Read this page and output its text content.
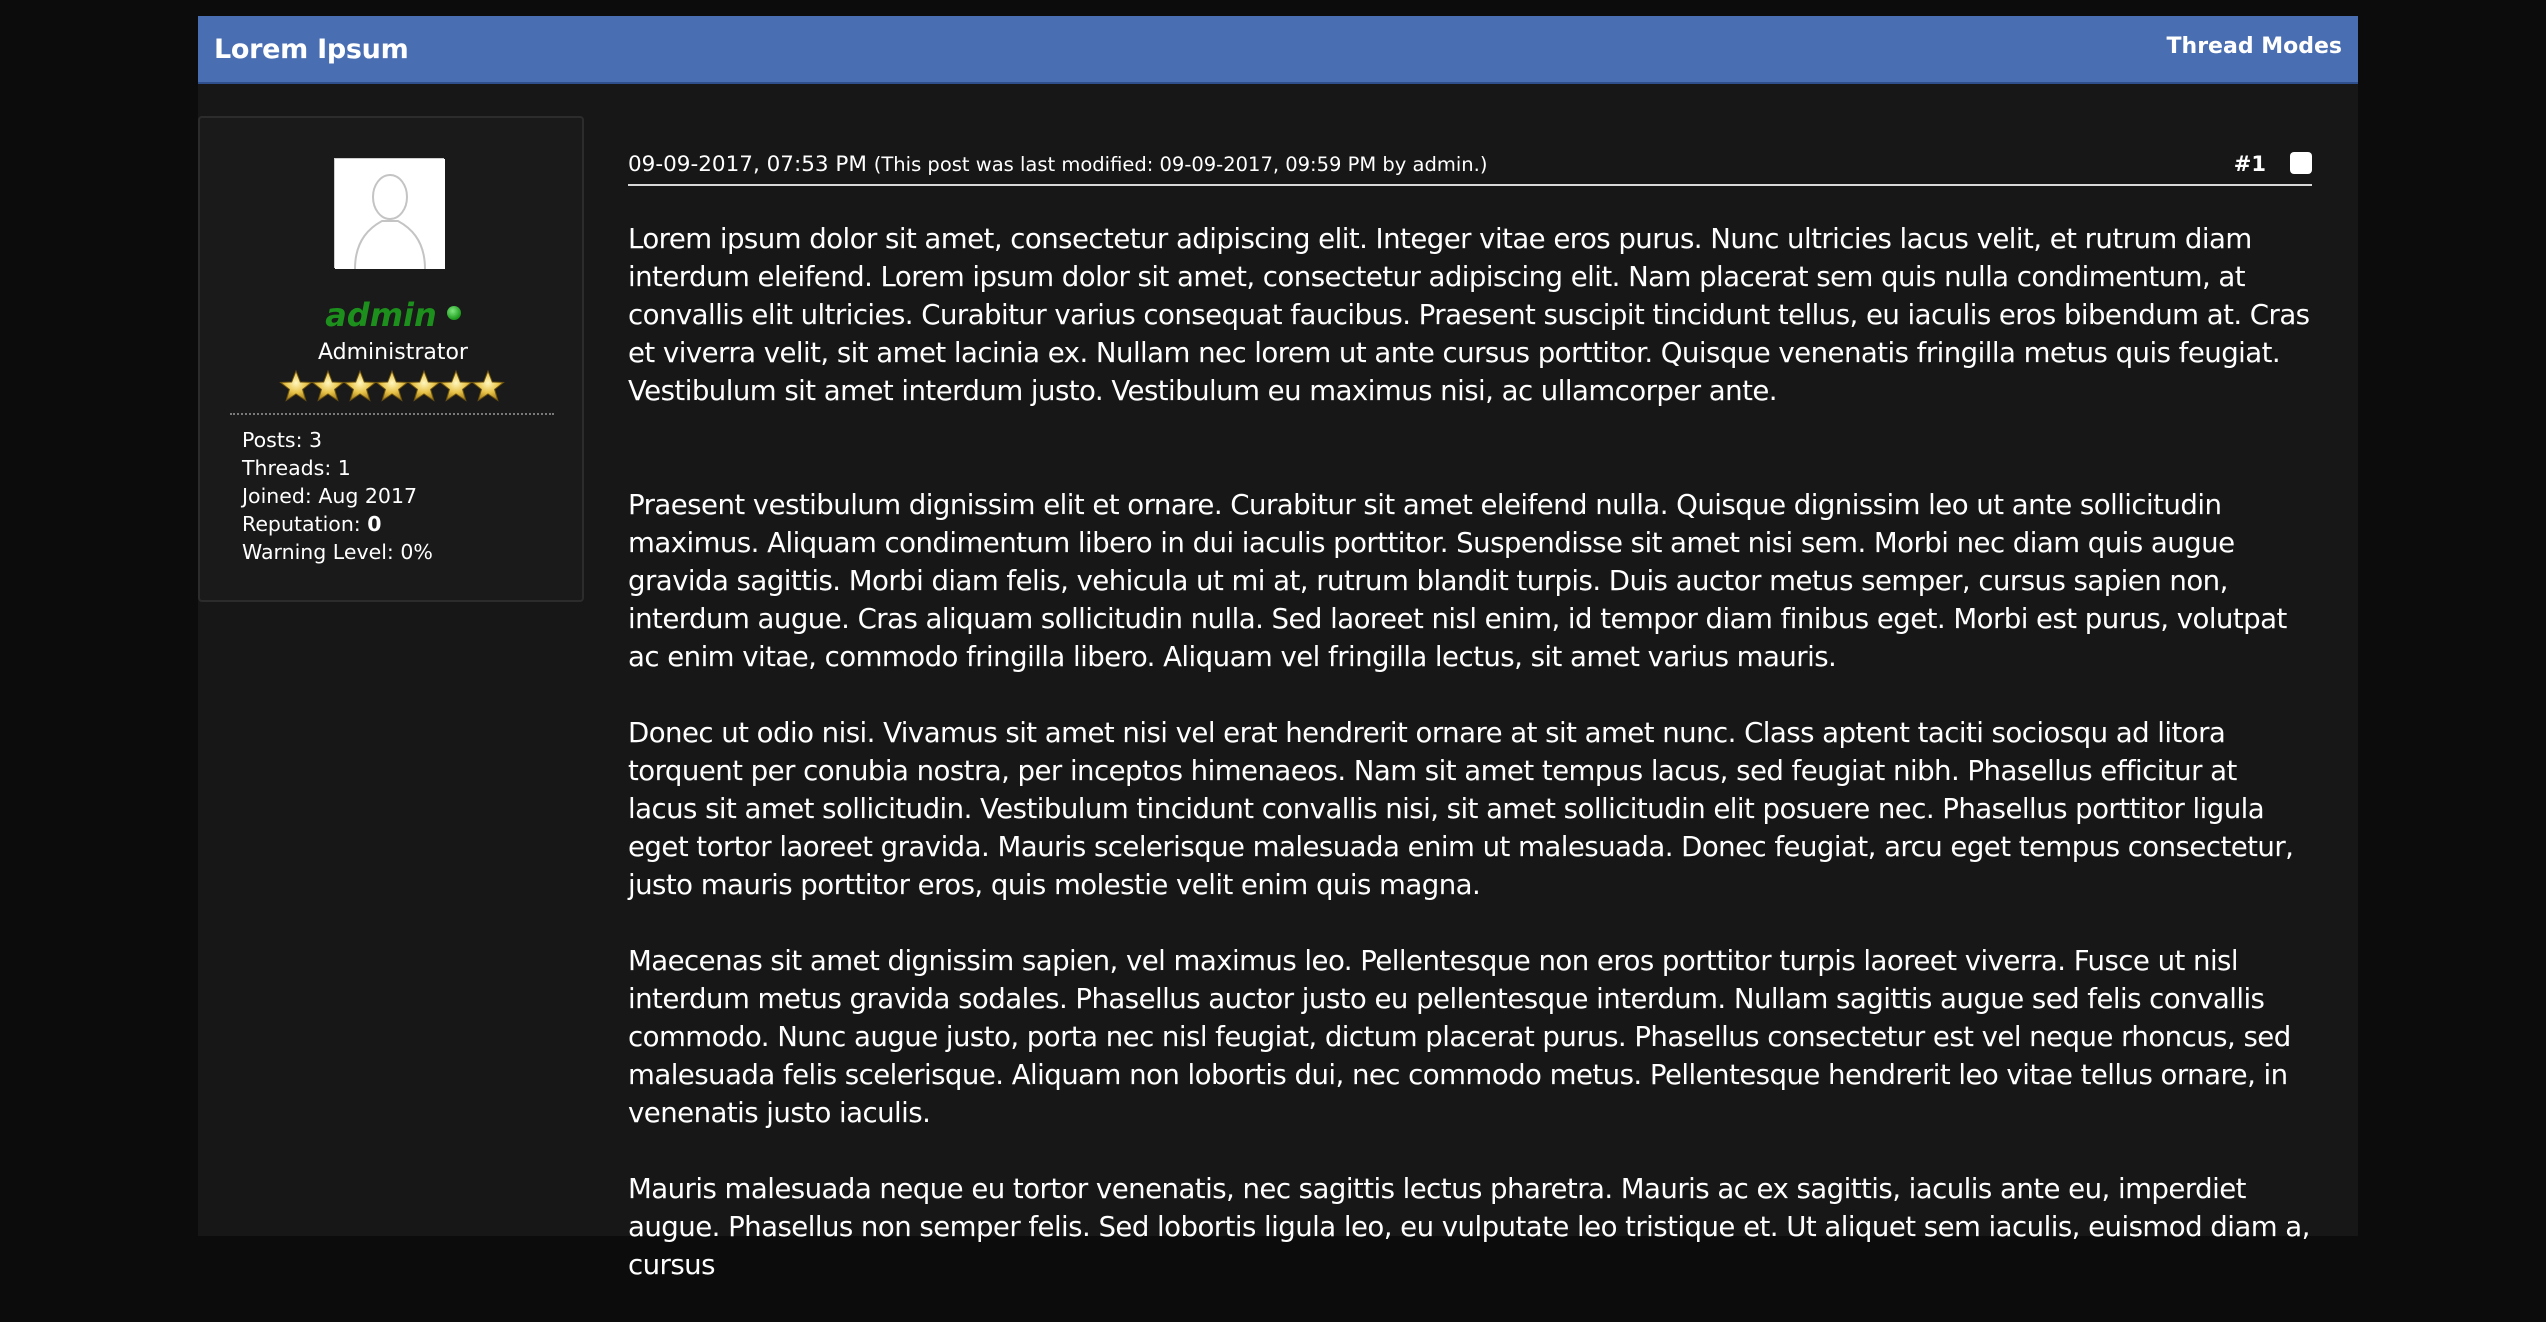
Lorem Ipsum	Thread Modes
admin
Administrator
Posts: 3
Threads: 1
Joined: Aug 2017
Reputation: 0
Warning Level: 0%
09-09-2017, 07:53 PM (This post was last modified: 09-09-2017, 09:59 PM by admin.)	#1

Lorem ipsum dolor sit amet, consectetur adipiscing elit. Integer vitae eros purus. Nunc ultricies lacus velit, et rutrum diam interdum eleifend. Lorem ipsum dolor sit amet, consectetur adipiscing elit. Nam placerat sem quis nulla condimentum, at convallis elit ultricies. Curabitur varius consequat faucibus. Praesent suscipit tincidunt tellus, eu iaculis eros bibendum at. Cras et viverra velit, sit amet lacinia ex. Nullam nec lorem ut ante cursus porttitor. Quisque venenatis fringilla metus quis feugiat. Vestibulum sit amet interdum justo. Vestibulum eu maximus nisi, ac ullamcorper ante.

Praesent vestibulum dignissim elit et ornare. Curabitur sit amet eleifend nulla. Quisque dignissim leo ut ante sollicitudin maximus. Aliquam condimentum libero in dui iaculis porttitor. Suspendisse sit amet nisi sem. Morbi nec diam quis augue gravida sagittis. Morbi diam felis, vehicula ut mi at, rutrum blandit turpis. Duis auctor metus semper, cursus sapien non, interdum augue. Cras aliquam sollicitudin nulla. Sed laoreet nisl enim, id tempor diam finibus eget. Morbi est purus, volutpat ac enim vitae, commodo fringilla libero. Aliquam vel fringilla lectus, sit amet varius mauris.

Donec ut odio nisi. Vivamus sit amet nisi vel erat hendrerit ornare at sit amet nunc. Class aptent taciti sociosqu ad litora torquent per conubia nostra, per inceptos himenaeos. Nam sit amet tempus lacus, sed feugiat nibh. Phasellus efficitur at lacus sit amet sollicitudin. Vestibulum tincidunt convallis nisi, sit amet sollicitudin elit posuere nec. Phasellus porttitor ligula eget tortor laoreet gravida. Mauris scelerisque malesuada enim ut malesuada. Donec feugiat, arcu eget tempus consectetur, justo mauris porttitor eros, quis molestie velit enim quis magna.

Maecenas sit amet dignissim sapien, vel maximus leo. Pellentesque non eros porttitor turpis laoreet viverra. Fusce ut nisl interdum metus gravida sodales. Phasellus auctor justo eu pellentesque interdum. Nullam sagittis augue sed felis convallis commodo. Nunc augue justo, porta nec nisl feugiat, dictum placerat purus. Phasellus consectetur est vel neque rhoncus, sed malesuada felis scelerisque. Aliquam non lobortis dui, nec commodo metus. Pellentesque hendrerit leo vitae tellus ornare, in venenatis justo iaculis.

Mauris malesuada neque eu tortor venenatis, nec sagittis lectus pharetra. Mauris ac ex sagittis, iaculis ante eu, imperdiet augue. Phasellus non semper felis. Sed lobortis ligula leo, eu vulputate leo tristique et. Ut aliquet sem iaculis, euismod diam a, cursus
